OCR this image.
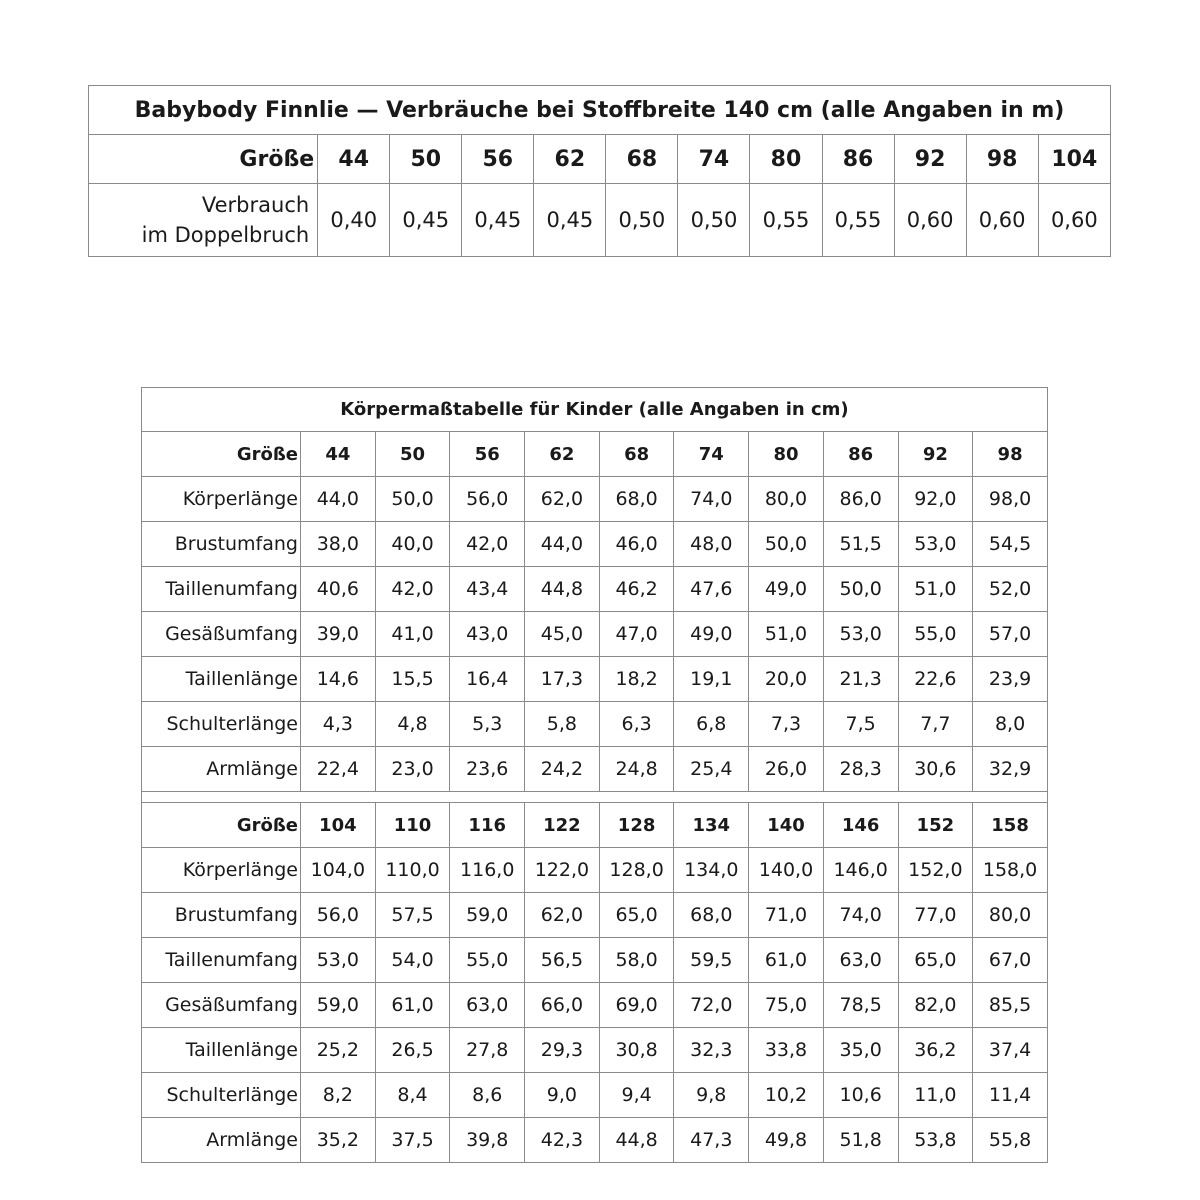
Babybody Finnlie — Verbräuche bei Stoffbreite 140 cm (alle Angaben in m)											
Größe	44	50	56	62	68	74	80	86	92	98	104
Verbrauch
im Doppelbruch	0,40	0,45	0,45	0,45	0,50	0,50	0,55	0,55	0,60	0,60	0,60
Körpermaßtabelle für Kinder (alle Angaben in cm)										
Größe	44	50	56	62	68	74	80	86	92	98
Körperlänge	44,0	50,0	56,0	62,0	68,0	74,0	80,0	86,0	92,0	98,0
Brustumfang	38,0	40,0	42,0	44,0	46,0	48,0	50,0	51,5	53,0	54,5
Taillenumfang	40,6	42,0	43,4	44,8	46,2	47,6	49,0	50,0	51,0	52,0
Gesäßumfang	39,0	41,0	43,0	45,0	47,0	49,0	51,0	53,0	55,0	57,0
Taillenlänge	14,6	15,5	16,4	17,3	18,2	19,1	20,0	21,3	22,6	23,9
Schulterlänge	4,3	4,8	5,3	5,8	6,3	6,8	7,3	7,5	7,7	8,0
Armlänge	22,4	23,0	23,6	24,2	24,8	25,4	26,0	28,3	30,6	32,9

Größe	104	110	116	122	128	134	140	146	152	158
Körperlänge	104,0	110,0	116,0	122,0	128,0	134,0	140,0	146,0	152,0	158,0
Brustumfang	56,0	57,5	59,0	62,0	65,0	68,0	71,0	74,0	77,0	80,0
Taillenumfang	53,0	54,0	55,0	56,5	58,0	59,5	61,0	63,0	65,0	67,0
Gesäßumfang	59,0	61,0	63,0	66,0	69,0	72,0	75,0	78,5	82,0	85,5
Taillenlänge	25,2	26,5	27,8	29,3	30,8	32,3	33,8	35,0	36,2	37,4
Schulterlänge	8,2	8,4	8,6	9,0	9,4	9,8	10,2	10,6	11,0	11,4
Armlänge	35,2	37,5	39,8	42,3	44,8	47,3	49,8	51,8	53,8	55,8
